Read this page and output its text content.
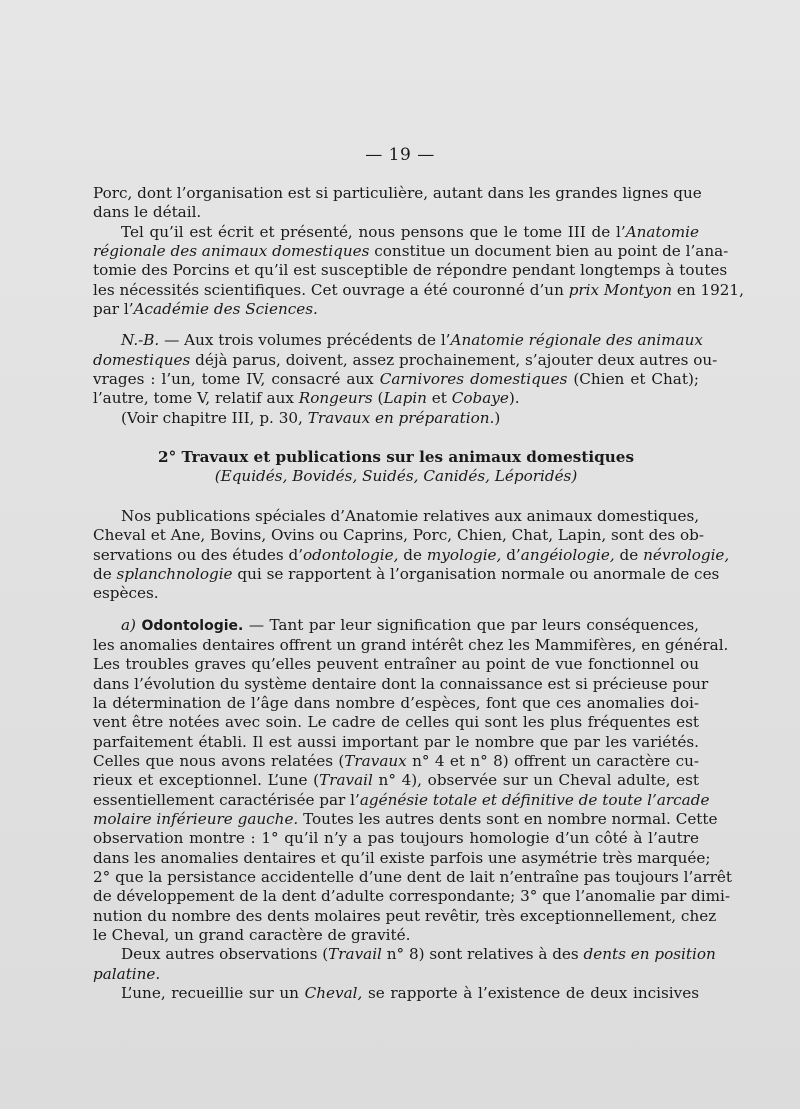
— 19 —
Porc, dont l’organisation est si particulière, autant dans les grandes lignes que
dans le détail.
Tel qu’il est écrit et présenté, nous pensons que le tome III de l’Anatomie
régionale des animaux domestiques constitue un document bien au point de l’ana-
tomie des Porcins et qu’il est susceptible de répondre pendant longtemps à toutes
les nécessités scientifiques. Cet ouvrage a été couronné d’un prix Montyon en 1921,
par l’Académie des Sciences.
N.-B. — Aux trois volumes précédents de l’Anatomie régionale des animaux
domestiques déjà parus, doivent, assez prochainement, s’ajouter deux autres ou-
vrages : l’un, tome IV, consacré aux Carnivores domestiques (Chien et Chat);
l’autre, tome V, relatif aux Rongeurs (Lapin et Cobaye).
(Voir chapitre III, p. 30, Travaux en préparation.)
2° Travaux et publications sur les animaux domestiques
(Equidés, Bovidés, Suidés, Canidés, Léporidés)
Nos publications spéciales d’Anatomie relatives aux animaux domestiques,
Cheval et Ane, Bovins, Ovins ou Caprins, Porc, Chien, Chat, Lapin, sont des ob-
servations ou des études d’odontologie, de myologie, d’angéiologie, de névrologie,
de splanchnologie qui se rapportent à l’organisation normale ou anormale de ces
espèces.
a) Odontologie. — Tant par leur signification que par leurs conséquences,
les anomalies dentaires offrent un grand intérêt chez les Mammifères, en général.
Les troubles graves qu’elles peuvent entraîner au point de vue fonctionnel ou
dans l’évolution du système dentaire dont la connaissance est si précieuse pour
la détermination de l’âge dans nombre d’espèces, font que ces anomalies doi-
vent être notées avec soin. Le cadre de celles qui sont les plus fréquentes est
parfaitement établi. Il est aussi important par le nombre que par les variétés.
Celles que nous avons relatées (Travaux n° 4 et n° 8) offrent un caractère cu-
rieux et exceptionnel. L’une (Travail n° 4), observée sur un Cheval adulte, est
essentiellement caractérisée par l’agénésie totale et définitive de toute l’arcade
molaire inférieure gauche. Toutes les autres dents sont en nombre normal. Cette
observation montre : 1° qu’il n’y a pas toujours homologie d’un côté à l’autre
dans les anomalies dentaires et qu’il existe parfois une asymétrie très marquée;
2° que la persistance accidentelle d’une dent de lait n’entraîne pas toujours l’arrêt
de développement de la dent d’adulte correspondante; 3° que l’anomalie par dimi-
nution du nombre des dents molaires peut revêtir, très exceptionnellement, chez
le Cheval, un grand caractère de gravité.
Deux autres observations (Travail n° 8) sont relatives à des dents en position
palatine.
L’une, recueillie sur un Cheval, se rapporte à l’existence de deux incisives
